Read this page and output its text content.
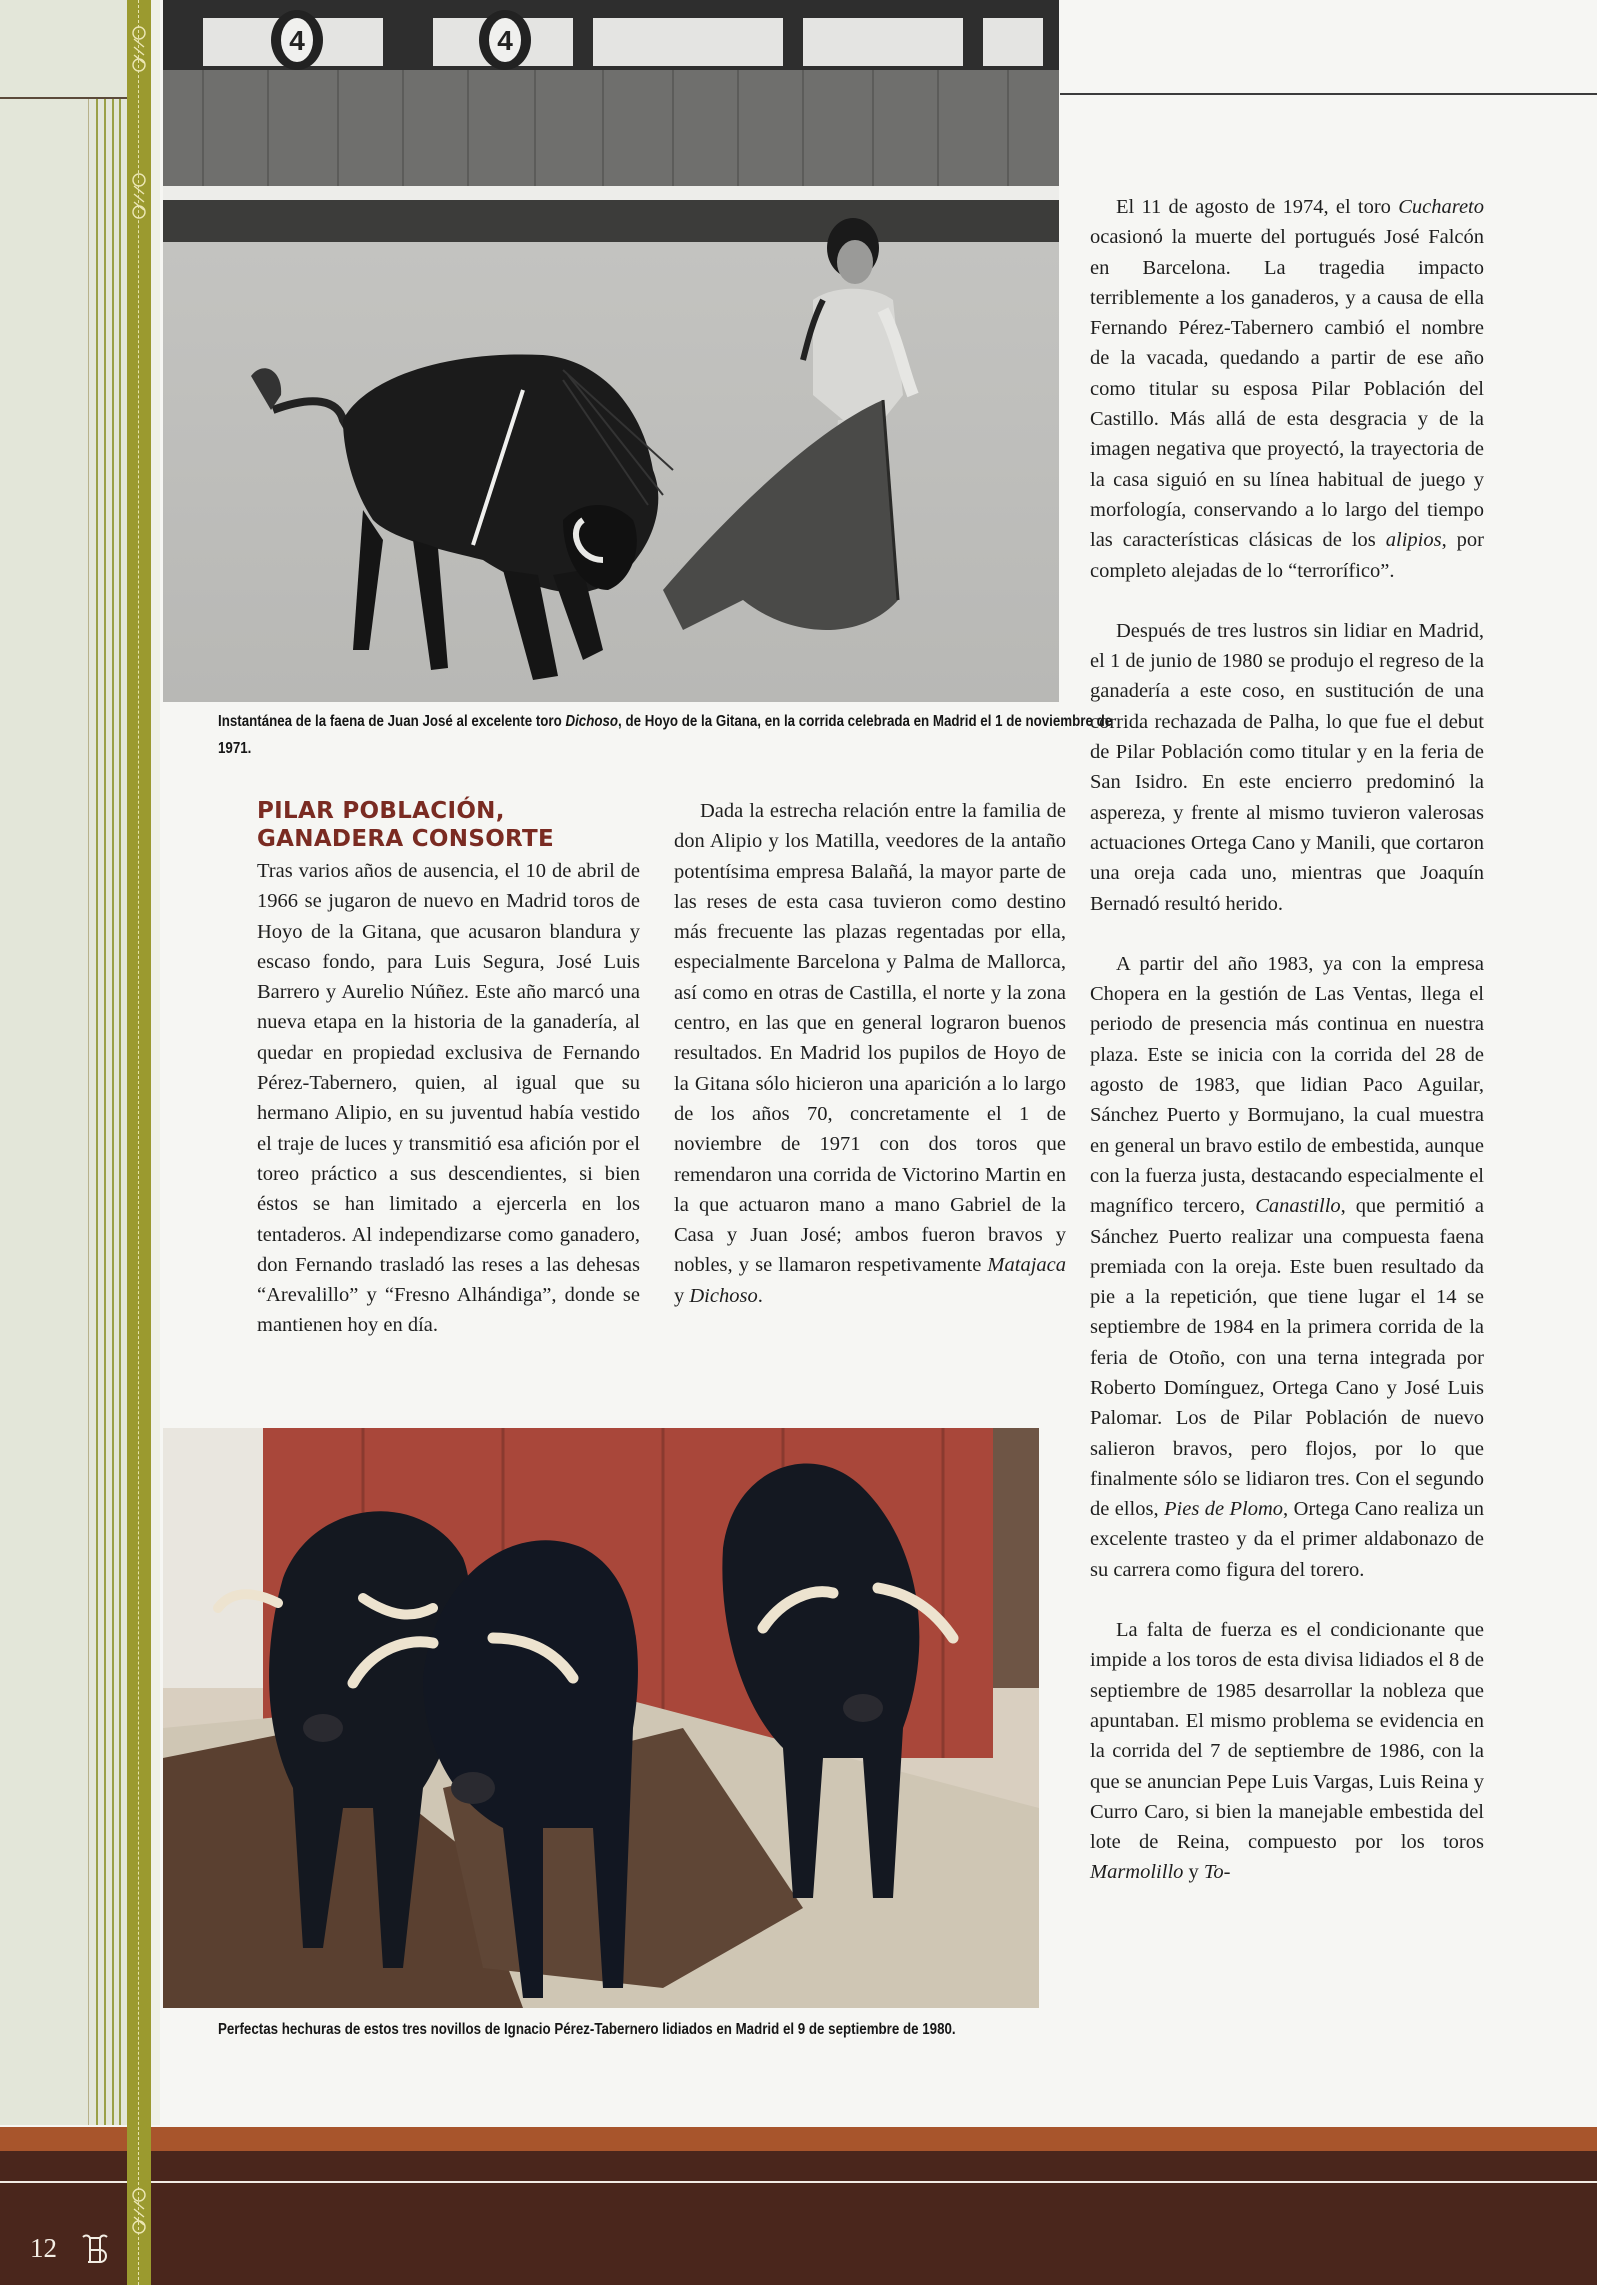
4	4
Instantánea de la faena de Juan José al excelente toro Dichoso, de Hoyo de la Gitana, en la corrida celebrada en Madrid el 1 de noviembre de 1971.
PILAR POBLACIÓN,
GANADERA CONSORTE

Tras varios años de ausencia, el 10 de abril de 1966 se jugaron de nuevo en Madrid toros de Hoyo de la Gitana, que acusaron blandura y escaso fondo, para Luis Segura, José Luis Barrero y Aurelio Núñez. Este año marcó una nueva etapa en la historia de la ganadería, al quedar en propiedad exclusiva de Fernando Pérez-Tabernero, quien, al igual que su hermano Alipio, en su juventud había vestido el traje de luces y transmitió esa afición por el toreo práctico a sus descendientes, si bien éstos se han limitado a ejercerla en los tentaderos. Al independizarse como ganadero, don Fernando trasladó las reses a las dehesas “Arevalillo” y “Fresno Alhándiga”, donde se mantienen hoy en día.

Dada la estrecha relación entre la familia de don Alipio y los Matilla, veedores de la antaño potentísima empresa Balañá, la mayor parte de las reses de esta casa tuvieron como destino más frecuente las plazas regentadas por ella, especialmente Barcelona y Palma de Mallorca, así como en otras de Castilla, el norte y la zona centro, en las que en general lograron buenos resultados. En Madrid los pupilos de Hoyo de la Gitana sólo hicieron una aparición a lo largo de los años 70, concretamente el 1 de noviembre de 1971 con dos toros que remendaron una corrida de Victorino Martin en la que actuaron mano a mano Gabriel de la Casa y Juan José; ambos fueron bravos y nobles, y se llamaron respetivamente Matajaca y Dichoso.

El 11 de agosto de 1974, el toro Cuchareto ocasionó la muerte del portugués José Falcón en Barcelona. La tragedia impacto terriblemente a los ganaderos, y a causa de ella Fernando Pérez-Tabernero cambió el nombre de la vacada, quedando a partir de ese año como titular su esposa Pilar Población del Castillo. Más allá de esta desgracia y de la imagen negativa que proyectó, la trayectoria de la casa siguió en su línea habitual de juego y morfología, conservando a lo largo del tiempo las características clásicas de los alipios, por completo alejadas de lo “terrorífico”.

Después de tres lustros sin lidiar en Madrid, el 1 de junio de 1980 se produjo el regreso de la ganadería a este coso, en sustitución de una corrida rechazada de Palha, lo que fue el debut de Pilar Población como titular y en la feria de San Isidro. En este encierro predominó la aspereza, y frente al mismo tuvieron valerosas actuaciones Ortega Cano y Manili, que cortaron una oreja cada uno, mientras que Joaquín Bernadó resultó herido.

A partir del año 1983, ya con la empresa Chopera en la gestión de Las Ventas, llega el periodo de presencia más continua en nuestra plaza. Este se inicia con la corrida del 28 de agosto de 1983, que lidian Paco Aguilar, Sánchez Puerto y Bormujano, la cual muestra en general un bravo estilo de embestida, aunque con la fuerza justa, destacando especialmente el magnífico tercero, Canastillo, que permitió a Sánchez Puerto realizar una compuesta faena premiada con la oreja. Este buen resultado da pie a la repetición, que tiene lugar el 14 se septiembre de 1984 en la primera corrida de la feria de Otoño, con una terna integrada por Roberto Domínguez, Ortega Cano y José Luis Palomar. Los de Pilar Población de nuevo salieron bravos, pero flojos, por lo que finalmente sólo se lidiaron tres. Con el segundo de ellos, Pies de Plomo, Ortega Cano realiza un excelente trasteo y da el primer aldabonazo de su carrera como figura del torero.

La falta de fuerza es el condicionante que impide a los toros de esta divisa lidiados el 8 de septiembre de 1985 desarrollar la nobleza que apuntaban. El mismo problema se evidencia en la corrida del 7 de septiembre de 1986, con la que se anuncian Pepe Luis Vargas, Luis Reina y Curro Caro, si bien la manejable embestida del lote de Reina, compuesto por los toros Marmolillo y To-

Perfectas hechuras de estos tres novillos de Ignacio Pérez-Tabernero lidiados en Madrid el 9 de septiembre de 1980.
12
